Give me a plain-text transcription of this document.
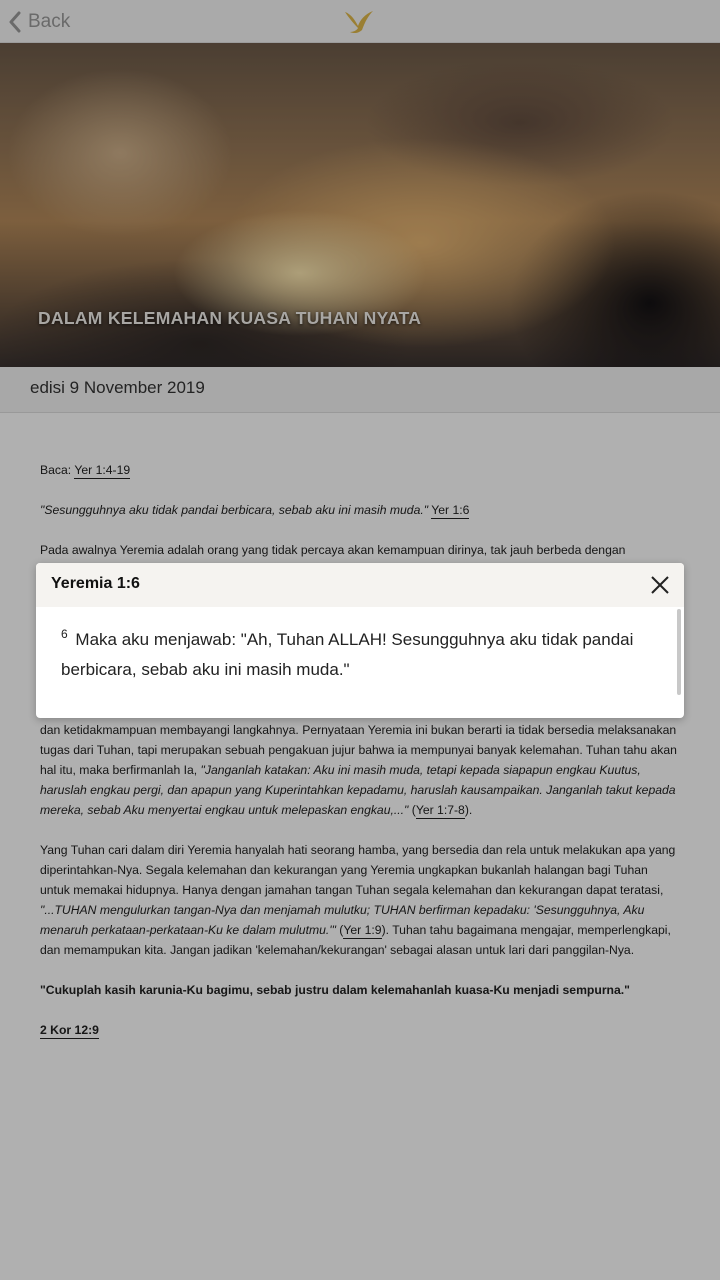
Back
DALAM KELEMAHAN KUASA TUHAN NYATA
edisi 9 November 2019

Baca: Yer 1:4-19

"Sesungguhnya aku tidak pandai berbicara, sebab aku ini masih muda." Yer 1:6

Pada awalnya Yeremia adalah orang yang tidak percaya akan kemampuan dirinya, tak jauh berbeda dengan

dan ketidakmampuan membayangi langkahnya. Pernyataan Yeremia ini bukan berarti ia tidak bersedia melaksanakan tugas dari Tuhan, tapi merupakan sebuah pengakuan jujur bahwa ia mempunyai banyak kelemahan. Tuhan tahu akan hal itu, maka berfirmanlah Ia, "Janganlah katakan: Aku ini masih muda, tetapi kepada siapapun engkau Kuutus, haruslah engkau pergi, dan apapun yang Kuperintahkan kepadamu, haruslah kausampaikan. Janganlah takut kepada mereka, sebab Aku menyertai engkau untuk melepaskan engkau,..." (Yer 1:7-8).

Yang Tuhan cari dalam diri Yeremia hanyalah hati seorang hamba, yang bersedia dan rela untuk melakukan apa yang diperintahkan-Nya. Segala kelemahan dan kekurangan yang Yeremia ungkapkan bukanlah halangan bagi Tuhan untuk memakai hidupnya. Hanya dengan jamahan tangan Tuhan segala kelemahan dan kekurangan dapat teratasi, "...TUHAN mengulurkan tangan-Nya dan menjamah mulutku; TUHAN berfirman kepadaku: 'Sesungguhnya, Aku menaruh perkataan-perkataan-Ku ke dalam mulutmu.'" (Yer 1:9). Tuhan tahu bagaimana mengajar, memperlengkapi, dan memampukan kita. Jangan jadikan 'kelemahan/kekurangan' sebagai alasan untuk lari dari panggilan-Nya.

"Cukuplah kasih karunia-Ku bagimu, sebab justru dalam kelemahanlah kuasa-Ku menjadi sempurna."

2 Kor 12:9

Yeremia 1:6
$^6$ Maka aku menjawab: "Ah, Tuhan ALLAH! Sesungguhnya aku tidak pandai berbicara, sebab aku ini masih muda."
